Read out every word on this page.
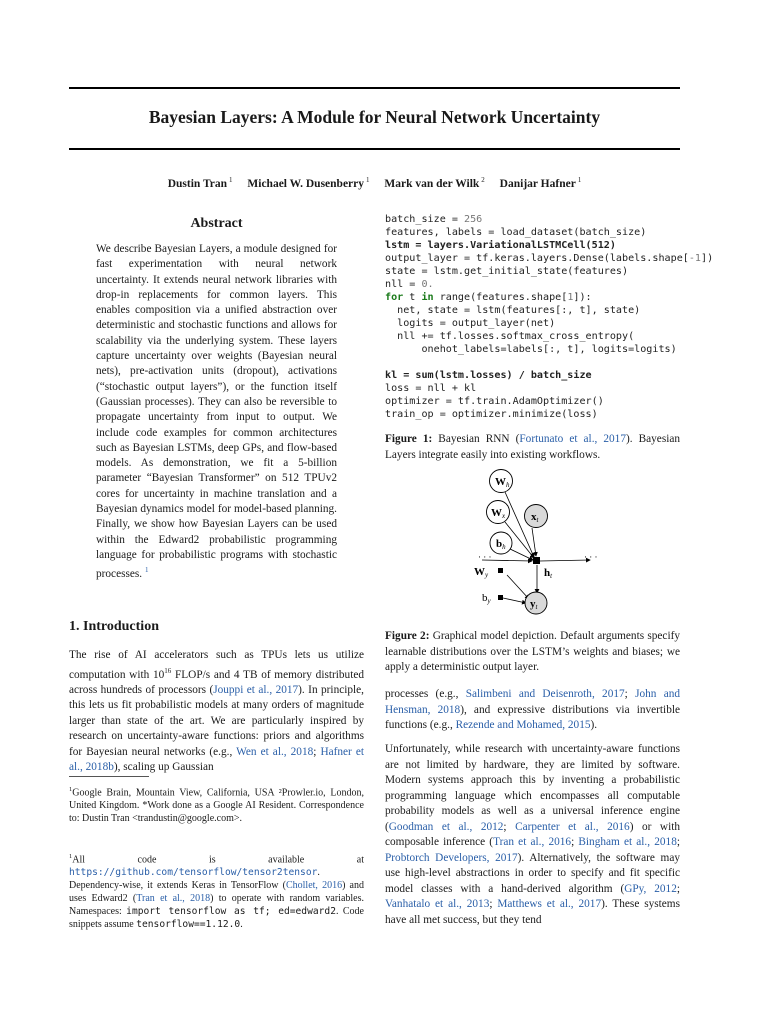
Bayesian Layers: A Module for Neural Network Uncertainty
Dustin Tran $^1$ Michael W. Dusenberry $^1$ Mark van der Wilk $^2$ Danijar Hafner $^1$
Abstract
We describe Bayesian Layers, a module designed for fast experimentation with neural network uncertainty. It extends neural network libraries with drop-in replacements for common layers. This enables composition via a unified abstraction over deterministic and stochastic functions and allows for scalability via the underlying system. These layers capture uncertainty over weights (Bayesian neural nets), pre-activation units (dropout), activations (“stochastic output layers”), or the function itself (Gaussian processes). They can also be reversible to propagate uncertainty from input to output. We include code examples for common architectures such as Bayesian LSTMs, deep GPs, and flow-based models. As demonstration, we fit a 5-billion parameter “Bayesian Transformer” on 512 TPUv2 cores for uncertainty in machine translation and a Bayesian dynamics model for model-based planning. Finally, we show how Bayesian Layers can be used within the Edward2 probabilistic programming language for probabilistic programs with stochastic processes. $^1$
1. Introduction
The rise of AI accelerators such as TPUs lets us utilize computation with $10^{16}$ FLOP/s and 4 TB of memory distributed across hundreds of processors (Jouppi et al., 2017). In principle, this lets us fit probabilistic models at many orders of magnitude larger than state of the art. We are particularly inspired by research on uncertainty-aware functions: priors and algorithms for Bayesian neural networks (e.g., Wen et al., 2018; Hafner et al., 2018b), scaling up Gaussian
$^1$Google Brain, Mountain View, California, USA ²Prowler.io, London, United Kingdom. *Work done as a Google AI Resident. Correspondence to: Dustin Tran <trandustin@google.com>.
$^1$All code is available at https://github.com/tensorflow/tensor2tensor. Dependency-wise, it extends Keras in TensorFlow (Chollet, 2016) and uses Edward2 (Tran et al., 2018) to operate with random variables. Namespaces: import tensorflow as tf; ed=edward2. Code snippets assume tensorflow==1.12.0.
batch_size = 256
features, labels = load_dataset(batch_size)
lstm = layers.VariationalLSTMCell(512)
output_layer = tf.keras.layers.Dense(labels.shape[-1])
state = lstm.get_initial_state(features)
nll = 0.
for t in range(features.shape[1]):
net, state = lstm(features[:, t], state)
logits = output_layer(net)
nll += tf.losses.softmax_cross_entropy(
onehot_labels=labels[:, t], logits=logits)

kl = sum(lstm.losses) / batch_size
loss = nll + kl
optimizer = tf.train.AdamOptimizer()
train_op = optimizer.minimize(loss)
Figure 1: Bayesian RNN (Fortunato et al., 2017). Bayesian Layers integrate easily into existing workflows.
Wh
Wx xt
bh
Wy	ht
by	yt
· · ·	· · ·
Figure 2: Graphical model depiction. Default arguments specify learnable distributions over the LSTM’s weights and biases; we apply a deterministic output layer.
processes (e.g., Salimbeni and Deisenroth, 2017; John and Hensman, 2018), and expressive distributions via invertible functions (e.g., Rezende and Mohamed, 2015).
Unfortunately, while research with uncertainty-aware functions are not limited by hardware, they are limited by software. Modern systems approach this by inventing a probabilistic programming language which encompasses all computable probability models as well as a universal inference engine (Goodman et al., 2012; Carpenter et al., 2016) or with composable inference (Tran et al., 2016; Bingham et al., 2018; Probtorch Developers, 2017). Alternatively, the software may use high-level abstractions in order to specify and fit specific model classes with a hand-derived algorithm (GPy, 2012; Vanhatalo et al., 2013; Matthews et al., 2017). These systems have all met success, but they tend
